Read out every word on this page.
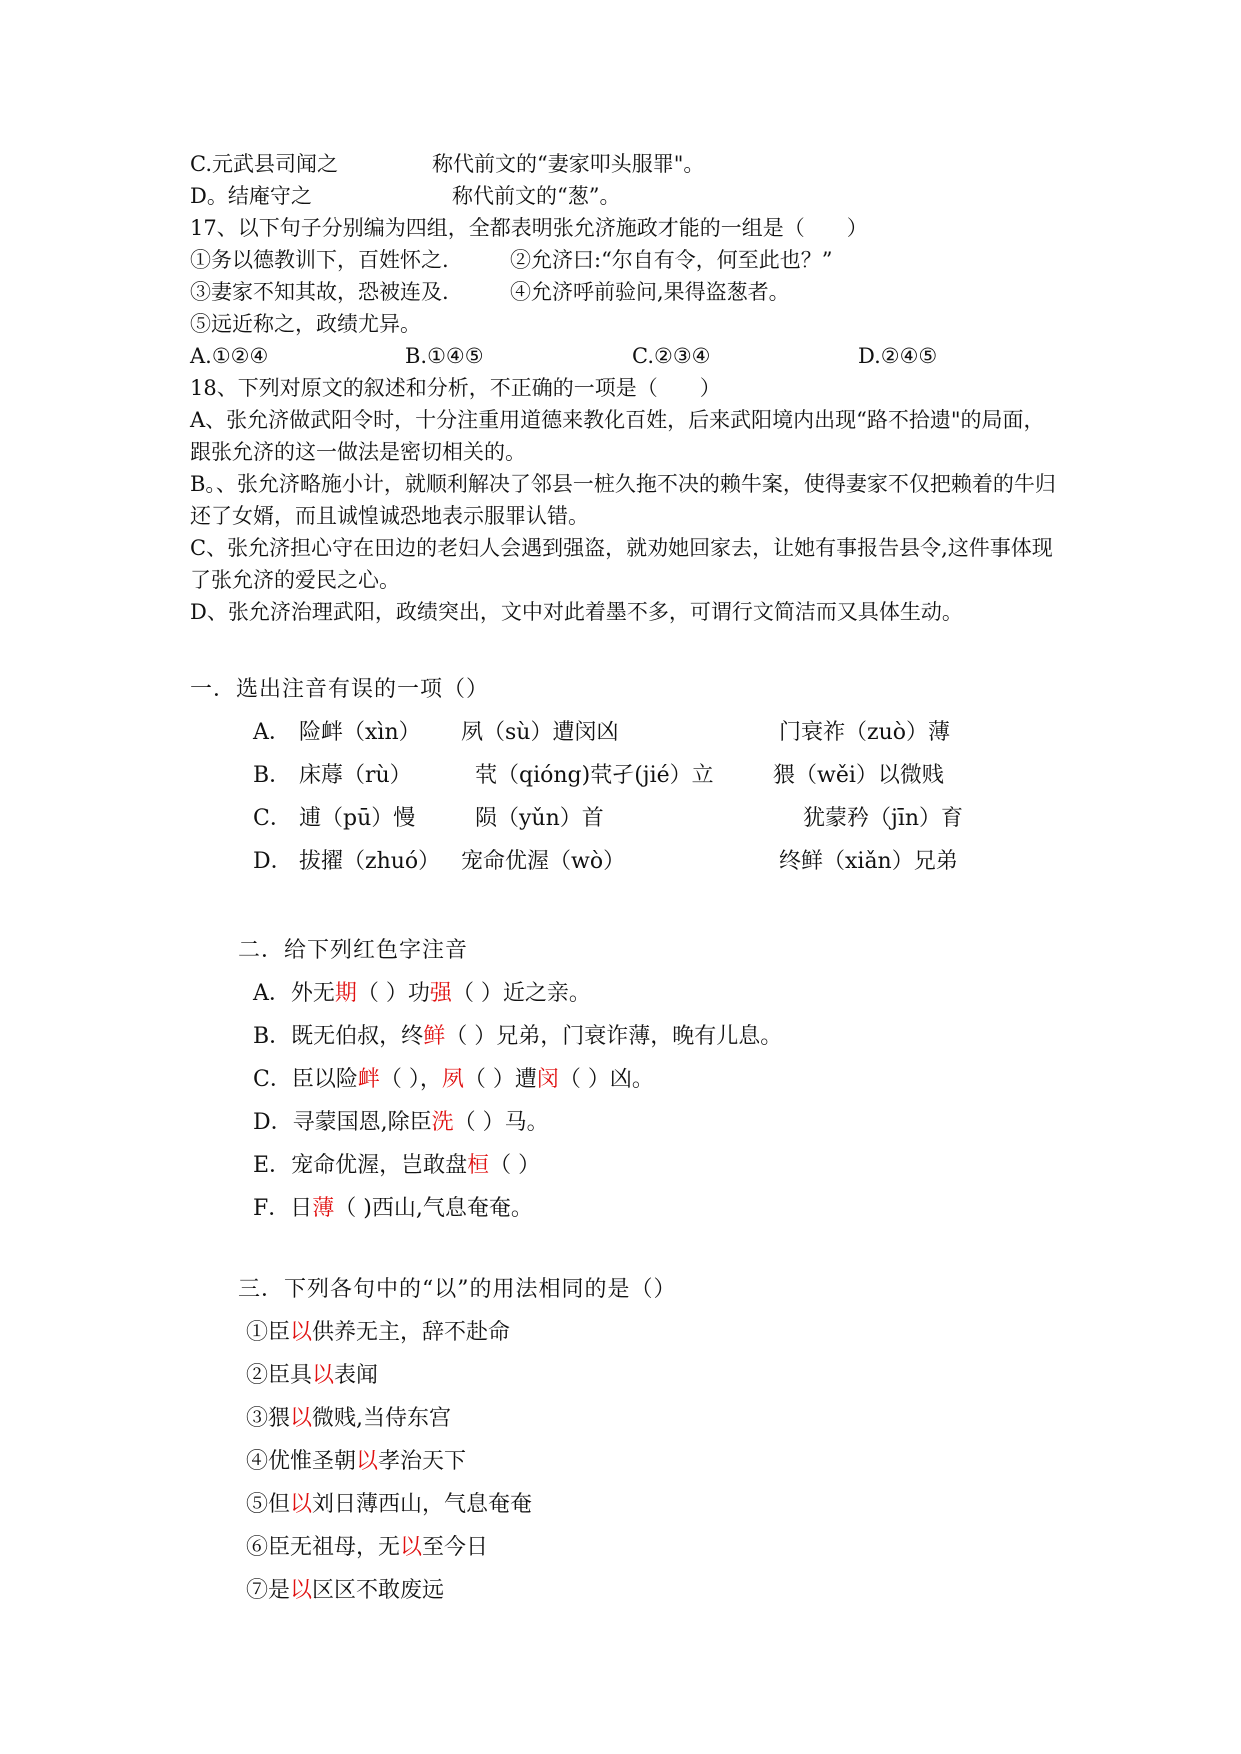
C.元武县司闻之	称代前文的“妻家叩头服罪"。
D。结庵守之	称代前文的“葱”。
17、以下句子分别编为四组，全都表明张允济施政才能的一组是（　　）
①务以德教训下，百姓怀之.	②允济曰:“尔自有令，何至此也？”
③妻家不知其故，恐被连及.	④允济呼前验问,果得盗葱者。
⑤远近称之，政绩尤异。
A.①②④	B.①④⑤	C.②③④	D.②④⑤
18、下列对原文的叙述和分析，不正确的一项是（　　）
A、张允济做武阳令时，十分注重用道德来教化百姓，后来武阳境内出现“路不拾遗"的局面，跟张允济的这一做法是密切相关的。
B。、张允济略施小计，就顺利解决了邻县一桩久拖不决的赖牛案，使得妻家不仅把赖着的牛归还了女婿，而且诚惶诚恐地表示服罪认错。
C、张允济担心守在田边的老妇人会遇到强盗，就劝她回家去，让她有事报告县令,这件事体现了张允济的爱民之心。
D、张允济治理武阳，政绩突出，文中对此着墨不多，可谓行文简洁而又具体生动。
一．选出注音有误的一项（）
A． 险衅（xìn）	夙（sù）遭闵凶	门衰祚（zuò）薄
B． 床蓐（rù）	茕（qióng)茕孑(jié）立	猥（wěi）以微贱
C． 逋（pū）慢	陨（yǔn）首	犹蒙矜（jīn）育
D． 拔擢（zhuó） 宠命优渥（wò）	终鲜（xiǎn）兄弟
二．给下列红色字注音
A．外无期（ ）功强（ ）近之亲。
B．既无伯叔，终鲜（ ）兄弟，门衰诈薄，晚有儿息。
C．臣以险衅（ ），夙（ ）遭闵（ ）凶。
D．寻蒙国恩,除臣洗（ ）马。
E．宠命优渥，岂敢盘桓（ ）
F．日薄（ )西山,气息奄奄。
三．下列各句中的“以”的用法相同的是（）
①臣以供养无主，辞不赴命
②臣具以表闻
③猥以微贱,当侍东宫
④优惟圣朝以孝治天下
⑤但以刘日薄西山，气息奄奄
⑥臣无祖母，无以至今日
⑦是以区区不敢废远
